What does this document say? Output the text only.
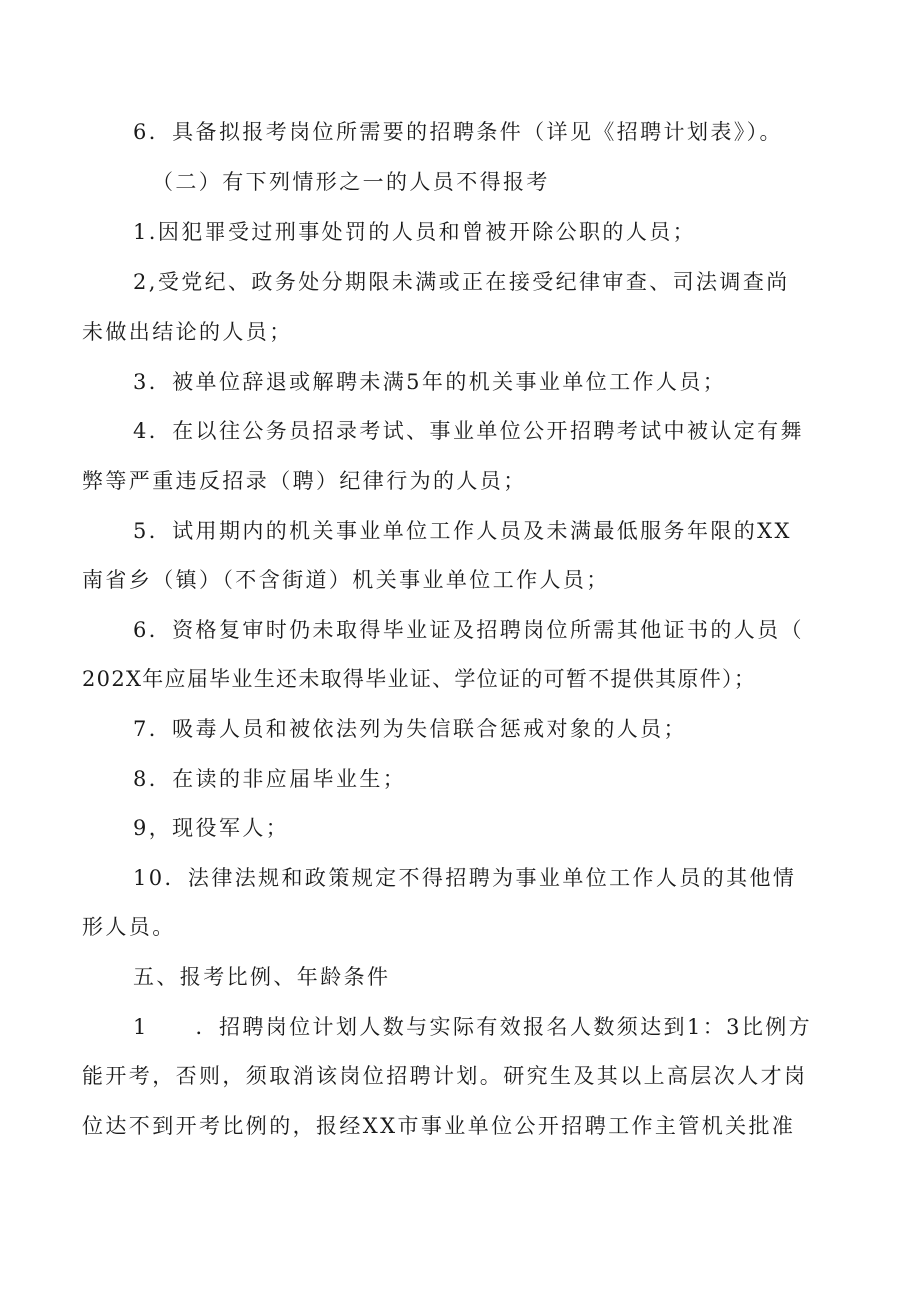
6．具备拟报考岗位所需要的招聘条件（详见《招聘计划表》）。
（二）有下列情形之一的人员不得报考
1.因犯罪受过刑事处罚的人员和曾被开除公职的人员；
2,受党纪、政务处分期限未满或正在接受纪律审查、司法调查尚
未做出结论的人员；
3．被单位辞退或解聘未满5年的机关事业单位工作人员；
4．在以往公务员招录考试、事业单位公开招聘考试中被认定有舞
弊等严重违反招录（聘）纪律行为的人员；
5．试用期内的机关事业单位工作人员及未满最低服务年限的XX
南省乡（镇）（不含街道）机关事业单位工作人员；
6．资格复审时仍未取得毕业证及招聘岗位所需其他证书的人员（
202X年应届毕业生还未取得毕业证、学位证的可暂不提供其原件）；
7．吸毒人员和被依法列为失信联合惩戒对象的人员；
8．在读的非应届毕业生；
9，现役军人；
10．法律法规和政策规定不得招聘为事业单位工作人员的其他情
形人员。
五、报考比例、年龄条件
1　　．招聘岗位计划人数与实际有效报名人数须达到1：3比例方
能开考，否则，须取消该岗位招聘计划。研究生及其以上高层次人才岗
位达不到开考比例的，报经XX市事业单位公开招聘工作主管机关批准
